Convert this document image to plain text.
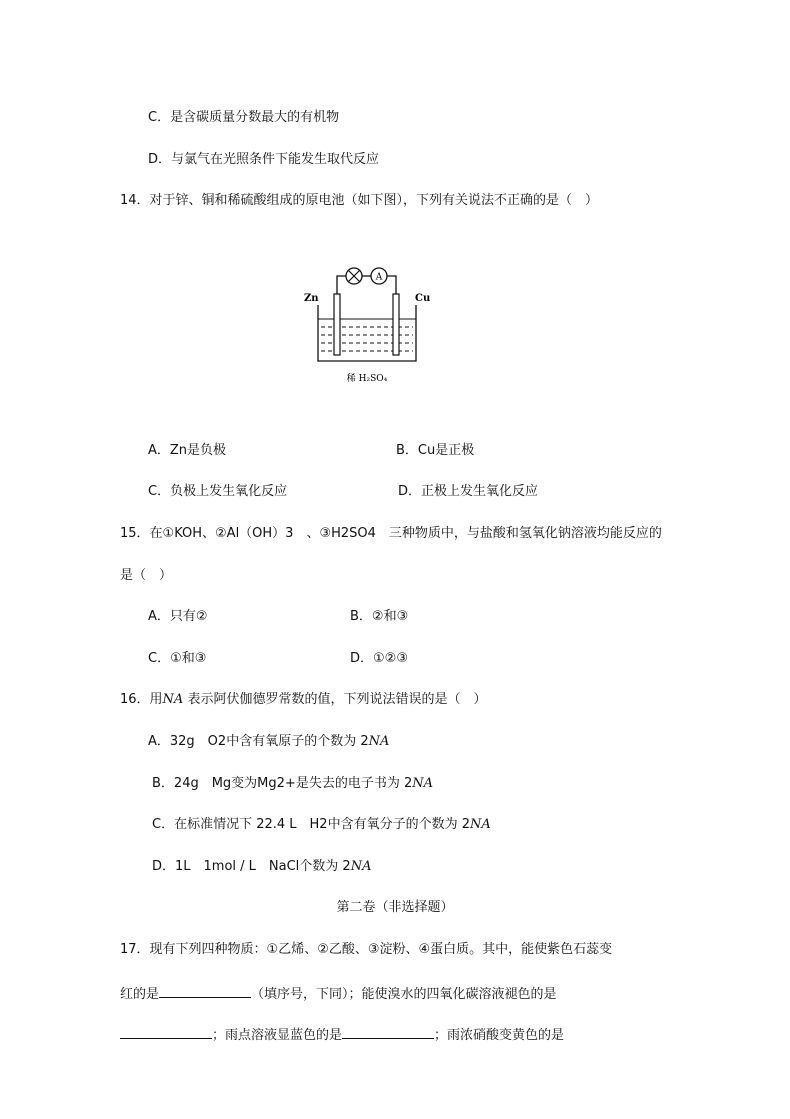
C．是含碳质量分数最大的有机物
D．与氯气在光照条件下能发生取代反应
14．对于锌、铜和稀硫酸组成的原电池（如下图），下列有关说法不正确的是（　）
A
Zn	Cu
稀 H₂SO₄
A．Zn是负极	B．Cu是正极
C．负极上发生氧化反应	D．正极上发生氧化反应
15．在①KOH、②Al（OH）3　、③H2SO4　三种物质中，与盐酸和氢氧化钠溶液均能反应的
是（　）
A．只有②	B．②和③
C．①和③	D．①②③
16．用NA 表示阿伏伽德罗常数的值，下列说法错误的是（　）
A．32g　O2中含有氧原子的个数为 2NA
B．24g　Mg变为Mg2+是失去的电子书为 2NA
C．在标准情况下 22.4 L　H2中含有氧分子的个数为 2NA
D．1L　1mol / L　NaCl个数为 2NA
第二卷（非选择题）
17．现有下列四种物质：①乙烯、②乙酸、③淀粉、④蛋白质。其中，能使紫色石蕊变
红的是	（填序号，下同）；能使溴水的四氧化碳溶液褪色的是
；雨点溶液显蓝色的是	；雨浓硝酸变黄色的是
